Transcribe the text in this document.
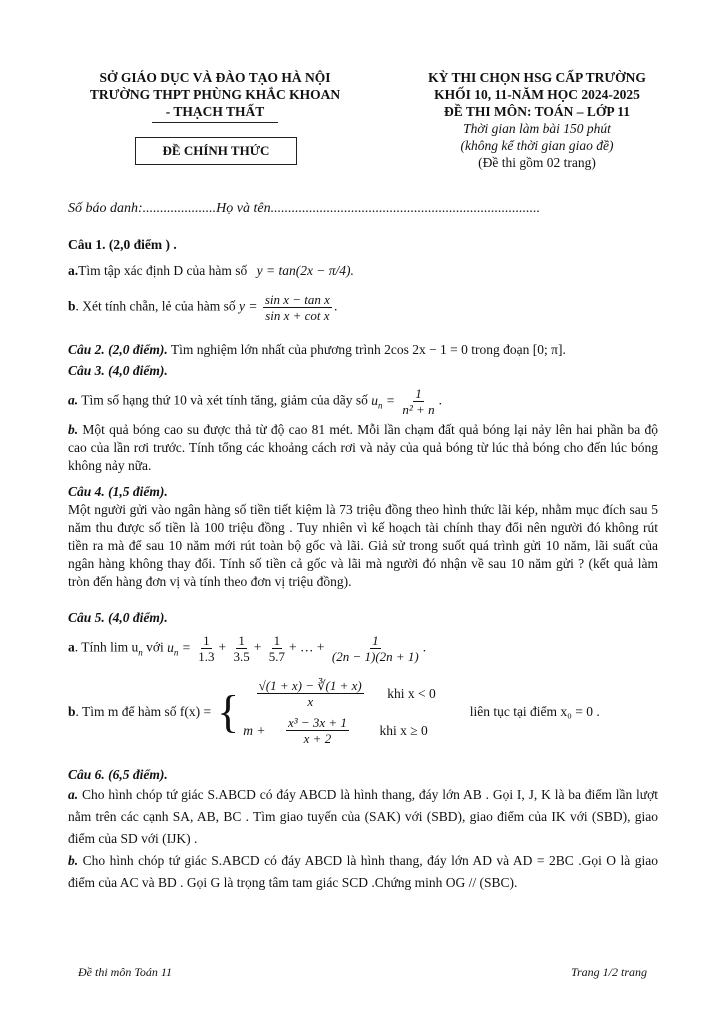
SỞ GIÁO DỤC VÀ ĐÀO TẠO HÀ NỘI
TRƯỜNG THPT PHÙNG KHẮC KHOAN
- THẠCH THẤT
ĐỀ CHÍNH THỨC
KỲ THI CHỌN HSG CẤP TRƯỜNG
KHỐI 10, 11-NĂM HỌC 2024-2025
ĐỀ THI MÔN: TOÁN – LỚP 11
Thời gian làm bài 150 phút
(không kể thời gian giao đề)
(Đề thi gồm 02 trang)
Số báo danh:.....................Họ và tên.............................................................................
Câu 1. (2,0 điểm ) .
a.Tìm tập xác định D của hàm số y = tan(2x − π/4).
b. Xét tính chẵn, lẻ của hàm số $y = \frac{\text{sin x − tan x}}{\text{sin x + cot x}}$ .
Câu 2. (2,0 điểm). Tìm nghiệm lớn nhất của phương trình 2cos 2x − 1 = 0 trong đoạn [0; π].
Câu 3. (4,0 điểm).
a. Tìm số hạng thứ 10 và xét tính tăng, giảm của dãy số $u_n = \frac{1}{\text{n² + n}}$ .
b. Một quả bóng cao su được thả từ độ cao 81 mét. Mỗi lần chạm đất quả bóng lại nảy lên hai phần ba độ cao của lần rơi trước. Tính tổng các khoảng cách rơi và nảy của quả bóng từ lúc thả bóng cho đến lúc bóng không nảy nữa.
Câu 4. (1,5 điểm).
Một người gửi vào ngân hàng số tiền tiết kiệm là 73 triệu đồng theo hình thức lãi kép, nhằm mục đích sau 5 năm thu được số tiền là 100 triệu đồng . Tuy nhiên vì kế hoạch tài chính thay đổi nên người đó không rút tiền ra mà để sau 10 năm mới rút toàn bộ gốc và lãi. Giả sử trong suốt quá trình gửi 10 năm, lãi suất của ngân hàng không thay đổi. Tính số tiền cả gốc và lãi mà người đó nhận về sau 10 năm gửi ? (kết quả làm tròn đến hàng đơn vị và tính theo đơn vị triệu đồng).
Câu 5. (4,0 điểm).
a. Tính $\lim u_n$ với $u_n = \frac{1}{1.3} + \frac{1}{3.5} + \frac{1}{5.7}$ + … + $\frac{1}{(2n - 1)(2n + 1)}$ .
b. Tìm m để hàm số f(x) = { $\frac{√(1 + x) - ∛(1 + x)}{x}$ khi x < 0
$m + \frac{\text{x³ − 3x + 1}}{x + 2}$ khi x ≥ 0
liên tục tại điểm x₀ = 0 .
Câu 6. (6,5 điểm).
a. Cho hình chóp tứ giác S.ABCD có đáy ABCD là hình thang, đáy lớn AB . Gọi I, J, K là ba điểm lần lượt nằm trên các cạnh SA, AB, BC . Tìm giao tuyến của (SAK) với (SBD), giao điểm của IK với (SBD), giao điểm của SD với (IJK) .
b. Cho hình chóp tứ giác S.ABCD có đáy ABCD là hình thang, đáy lớn AD và AD = 2BC .Gọi O là giao điểm của AC và BD . Gọi G là trọng tâm tam giác SCD .Chứng minh OG // (SBC).
Đề thi môn Toán 11	Trang 1/2 trang
